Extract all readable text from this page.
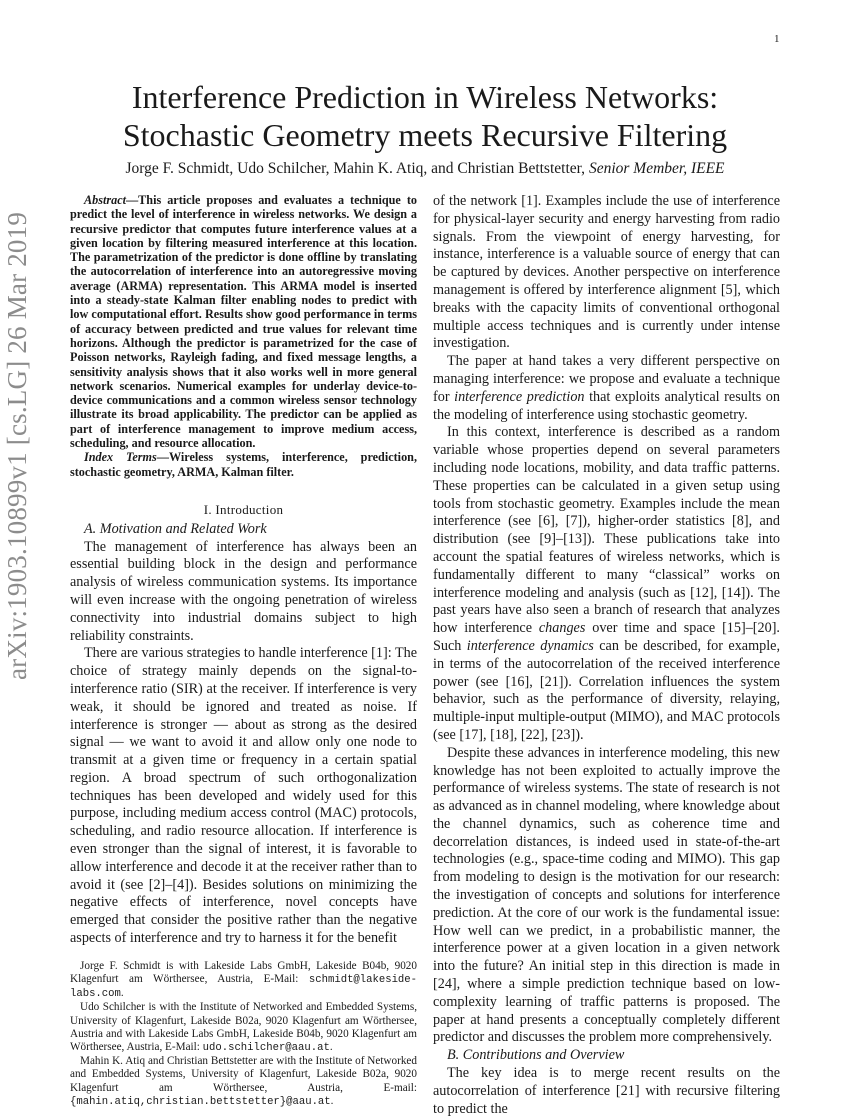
1
arXiv:1903.10899v1 [cs.LG] 26 Mar 2019
Interference Prediction in Wireless Networks:
Stochastic Geometry meets Recursive Filtering
Jorge F. Schmidt, Udo Schilcher, Mahin K. Atiq, and Christian Bettstetter, Senior Member, IEEE

Abstract—This article proposes and evaluates a technique to predict the level of interference in wireless networks. We design a recursive predictor that computes future interference values at a given location by filtering measured interference at this location. The parametrization of the predictor is done offline by translating the autocorrelation of interference into an autoregressive moving average (ARMA) representation. This ARMA model is inserted into a steady-state Kalman filter enabling nodes to predict with low computational effort. Results show good performance in terms of accuracy between predicted and true values for relevant time horizons. Although the predictor is parametrized for the case of Poisson networks, Rayleigh fading, and fixed message lengths, a sensitivity analysis shows that it also works well in more general network scenarios. Numerical examples for underlay device-to-device communications and a common wireless sensor technology illustrate its broad applicability. The predictor can be applied as part of interference management to improve medium access, scheduling, and resource allocation.

Index Terms—Wireless systems, interference, prediction, stochastic geometry, ARMA, Kalman filter.

I. Introduction

A. Motivation and Related Work

The management of interference has always been an essential building block in the design and performance analysis of wireless communication systems. Its importance will even increase with the ongoing penetration of wireless connectivity into industrial domains subject to high reliability constraints.

There are various strategies to handle interference [1]: The choice of strategy mainly depends on the signal-to-interference ratio (SIR) at the receiver. If interference is very weak, it should be ignored and treated as noise. If interference is stronger — about as strong as the desired signal — we want to avoid it and allow only one node to transmit at a given time or frequency in a certain spatial region. A broad spectrum of such orthogonalization techniques has been developed and widely used for this purpose, including medium access control (MAC) protocols, scheduling, and radio resource allocation. If interference is even stronger than the signal of interest, it is favorable to allow interference and decode it at the receiver rather than to avoid it (see [2]–[4]). Besides solutions on minimizing the negative effects of interference, novel concepts have emerged that consider the positive rather than the negative aspects of interference and try to harness it for the benefit

Jorge F. Schmidt is with Lakeside Labs GmbH, Lakeside B04b, 9020 Klagenfurt am Wörthersee, Austria, E-Mail: schmidt@lakeside-labs.com.

Udo Schilcher is with the Institute of Networked and Embedded Systems, University of Klagenfurt, Lakeside B02a, 9020 Klagenfurt am Wörthersee, Austria and with Lakeside Labs GmbH, Lakeside B04b, 9020 Klagenfurt am Wörthersee, Austria, E-Mail: udo.schilcher@aau.at.

Mahin K. Atiq and Christian Bettstetter are with the Institute of Networked and Embedded Systems, University of Klagenfurt, Lakeside B02a, 9020 Klagenfurt am Wörthersee, Austria, E-mail: {mahin.atiq,christian.bettstetter}@aau.at.

of the network [1]. Examples include the use of interference for physical-layer security and energy harvesting from radio signals. From the viewpoint of energy harvesting, for instance, interference is a valuable source of energy that can be captured by devices. Another perspective on interference management is offered by interference alignment [5], which breaks with the capacity limits of conventional orthogonal multiple access techniques and is currently under intense investigation.

The paper at hand takes a very different perspective on managing interference: we propose and evaluate a technique for interference prediction that exploits analytical results on the modeling of interference using stochastic geometry.

In this context, interference is described as a random variable whose properties depend on several parameters including node locations, mobility, and data traffic patterns. These properties can be calculated in a given setup using tools from stochastic geometry. Examples include the mean interference (see [6], [7]), higher-order statistics [8], and distribution (see [9]–[13]). These publications take into account the spatial features of wireless networks, which is fundamentally different to many “classical” works on interference modeling and analysis (such as [12], [14]). The past years have also seen a branch of research that analyzes how interference changes over time and space [15]–[20]. Such interference dynamics can be described, for example, in terms of the autocorrelation of the received interference power (see [16], [21]). Correlation influences the system behavior, such as the performance of diversity, relaying, multiple-input multiple-output (MIMO), and MAC protocols (see [17], [18], [22], [23]).

Despite these advances in interference modeling, this new knowledge has not been exploited to actually improve the performance of wireless systems. The state of research is not as advanced as in channel modeling, where knowledge about the channel dynamics, such as coherence time and decorrelation distances, is indeed used in state-of-the-art technologies (e.g., space-time coding and MIMO). This gap from modeling to design is the motivation for our research: the investigation of concepts and solutions for interference prediction. At the core of our work is the fundamental issue: How well can we predict, in a probabilistic manner, the interference power at a given location in a given network into the future? An initial step in this direction is made in [24], where a simple prediction technique based on low-complexity learning of traffic patterns is proposed. The paper at hand presents a conceptually completely different predictor and discusses the problem more comprehensively.

B. Contributions and Overview

The key idea is to merge recent results on the autocorrelation of interference [21] with recursive filtering to predict the
